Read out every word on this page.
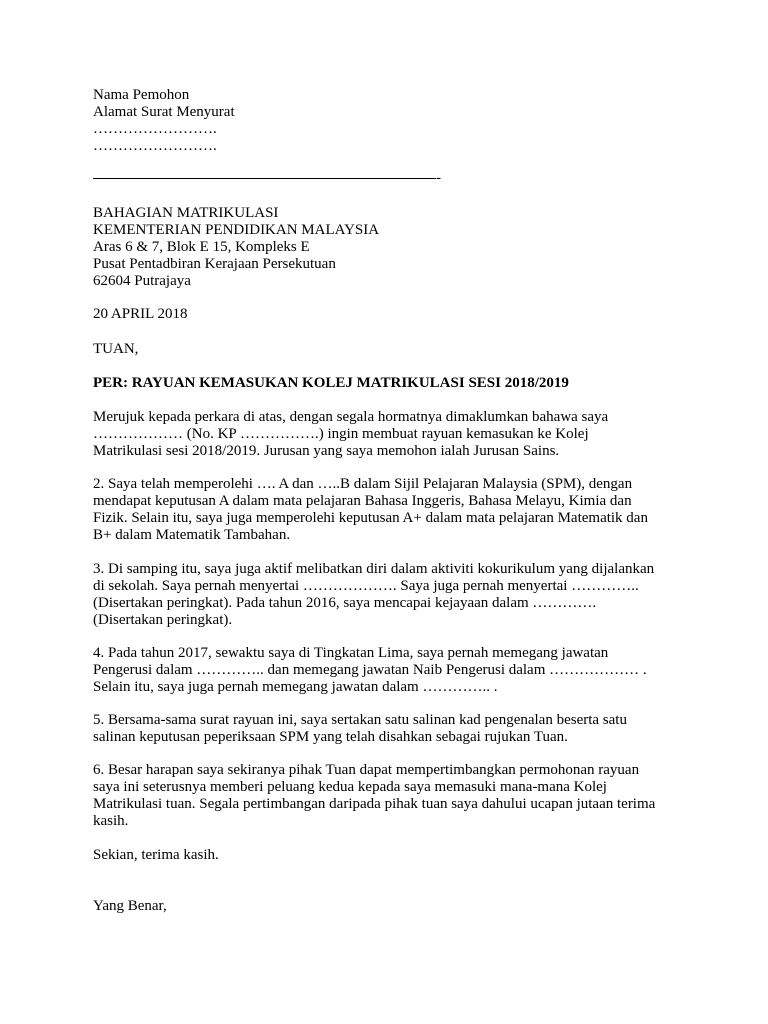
Nama Pemohon
Alamat Surat Menyurat
…………………….
…………………….
-
BAHAGIAN MATRIKULASI
KEMENTERIAN PENDIDIKAN MALAYSIA
Aras 6 & 7, Blok E 15, Kompleks E
Pusat Pentadbiran Kerajaan Persekutuan
62604 Putrajaya
20 APRIL 2018
TUAN,
PER: RAYUAN KEMASUKAN KOLEJ MATRIKULASI SESI 2018/2019
Merujuk kepada perkara di atas, dengan segala hormatnya dimaklumkan bahawa saya
……………… (No. KP …………….) ingin membuat rayuan kemasukan ke Kolej
Matrikulasi sesi 2018/2019. Jurusan yang saya memohon ialah Jurusan Sains.
2. Saya telah memperolehi …. A dan …..B dalam Sijil Pelajaran Malaysia (SPM), dengan
mendapat keputusan A dalam mata pelajaran Bahasa Inggeris, Bahasa Melayu, Kimia dan
Fizik. Selain itu, saya juga memperolehi keputusan A+ dalam mata pelajaran Matematik dan
B+ dalam Matematik Tambahan.
3. Di samping itu, saya juga aktif melibatkan diri dalam aktiviti kokurikulum yang dijalankan
di sekolah. Saya pernah menyertai ………………. Saya juga pernah menyertai …………..
(Disertakan peringkat). Pada tahun 2016, saya mencapai kejayaan dalam ………….
(Disertakan peringkat).
4. Pada tahun 2017, sewaktu saya di Tingkatan Lima, saya pernah memegang jawatan
Pengerusi dalam ………….. dan memegang jawatan Naib Pengerusi dalam ……………… .
Selain itu, saya juga pernah memegang jawatan dalam ………….. .
5. Bersama-sama surat rayuan ini, saya sertakan satu salinan kad pengenalan beserta satu
salinan keputusan peperiksaan SPM yang telah disahkan sebagai rujukan Tuan.
6. Besar harapan saya sekiranya pihak Tuan dapat mempertimbangkan permohonan rayuan
saya ini seterusnya memberi peluang kedua kepada saya memasuki mana-mana Kolej
Matrikulasi tuan. Segala pertimbangan daripada pihak tuan saya dahului ucapan jutaan terima
kasih.
Sekian, terima kasih.
Yang Benar,
